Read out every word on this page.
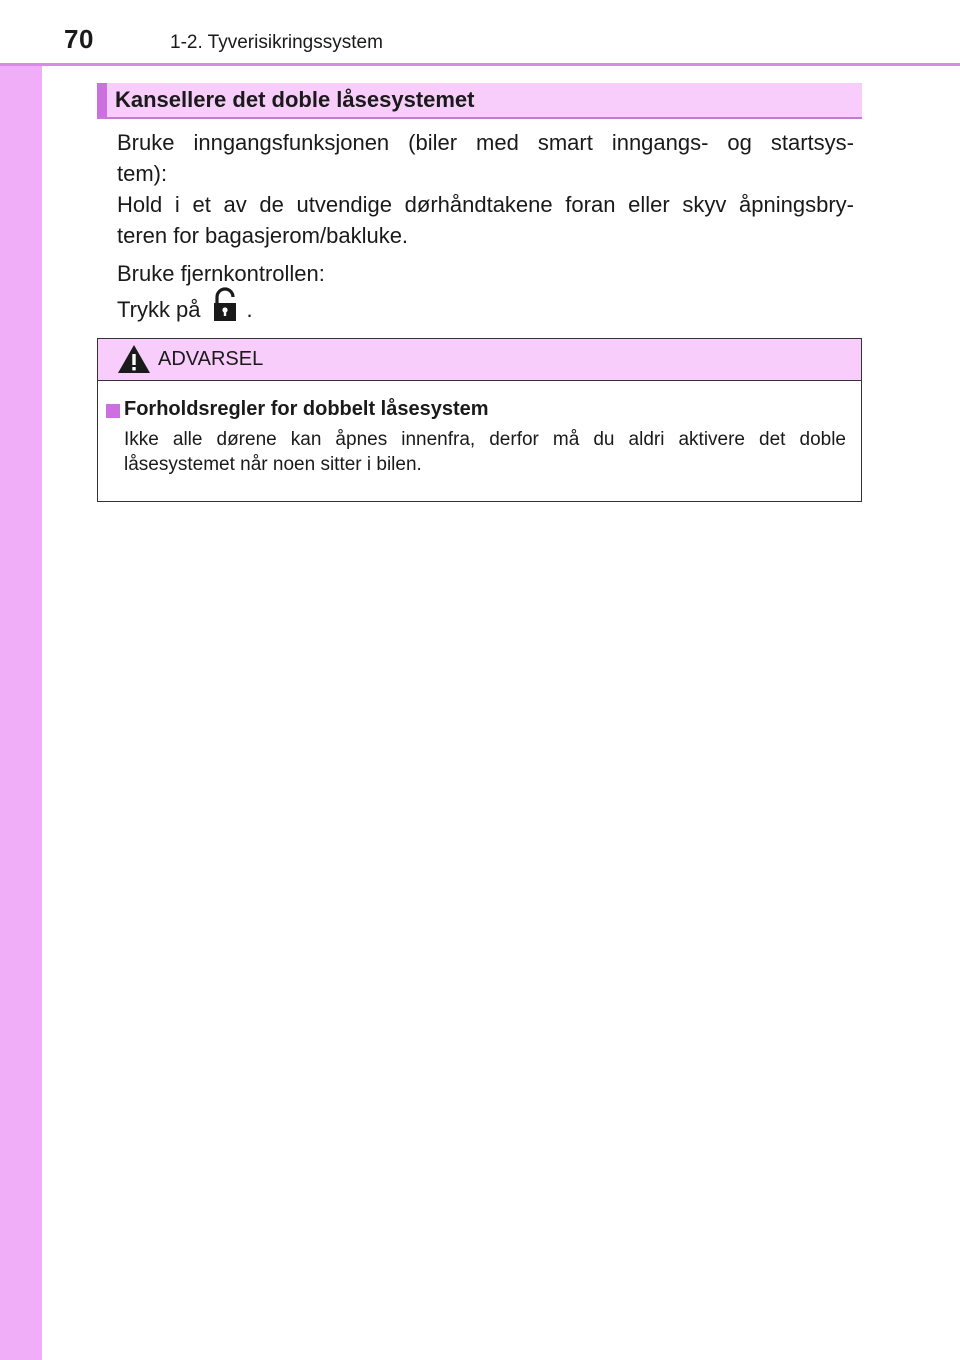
70	1-2. Tyverisikringssystem
Kansellere det doble låsesystemet
Bruke inngangsfunksjonen (biler med smart inngangs- og startsys-
tem):
Hold i et av de utvendige dørhåndtakene foran eller skyv åpningsbry-
teren for bagasjerom/bakluke.
Bruke fjernkontrollen:
Trykk på .
ADVARSEL
Forholdsregler for dobbelt låsesystem
Ikke alle dørene kan åpnes innenfra, derfor må du aldri aktivere det doble
låsesystemet når noen sitter i bilen.
